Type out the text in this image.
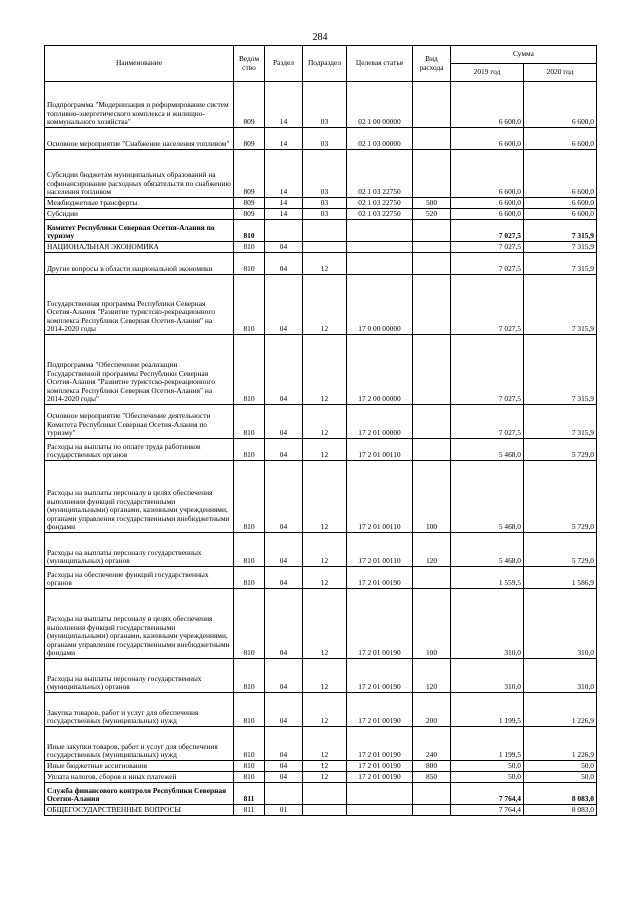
284
Наименование	Ведом ство	Раздел	Подраздел	Целевая статья	Вид расхода	Сумма	
						2019 год	2020 год
Подпрограмма "Модернизация и реформирование систем топливно-энергетического комплекса и жилищно-коммунального хозяйства"	809	14	03	02 1 00 00000		6 600,0	6 600,0
Основное мероприятие "Снабжение населения топливом"	809	14	03	02 1 03 00000		6 600,0	6 600,0
Субсидии бюджетам муниципальных образований на софинансирование расходных обязательств по снабжению населения топливом	809	14	03	02 1 03 22750		6 600,0	6 600,0
Межбюджетные трансферты	809	14	03	02 1 03 22750	500	6 600,0	6 600,0
Субсидии	809	14	03	02 1 03 22750	520	6 600,0	6 600,0
Комитет Республики Северная Осетия-Алания по туризму	810					7 027,5	7 315,9
НАЦИОНАЛЬНАЯ ЭКОНОМИКА	810	04				7 027,5	7 315,9
Другие вопросы в области национальной экономики	810	04	12			7 027,5	7 315,9
Государственная программа Республики Северная Осетия-Алания "Развитие туристско-рекреационного комплекса Республики Северная Осетия-Алания" на 2014-2020 годы	810	04	12	17 0 00 00000		7 027,5	7 315,9
Подпрограмма "Обеспечение реализации Государственной программы Республики Северная Осетия-Алания "Развитие туристско-рекреационного комплекса Республики Северная Осетия-Алания" на 2014-2020 годы"	810	04	12	17 2 00 00000		7 027,5	7 315,9
Основное мероприятие "Обеспечение деятельности Комитета Республики Северная Осетия-Алания по туризму"	810	04	12	17 2 01 00000		7 027,5	7 315,9
Расходы на выплаты по оплате труда работников государственных органов	810	04	12	17 2 01 00110		5 468,0	5 729,0
Расходы на выплаты персоналу в целях обеспечения выполнения функций государственными (муниципальными) органами, казенными учреждениями, органами управления государственными внебюджетными фондами	810	04	12	17 2 01 00110	100	5 468,0	5 729,0
Расходы на выплаты персоналу государственных (муниципальных) органов	810	04	12	17 2 01 00110	120	5 468,0	5 729,0
Расходы на обеспечение функций государственных органов	810	04	12	17 2 01 00190		1 559,5	1 586,9
Расходы на выплаты персоналу в целях обеспечения выполнения функций государственными (муниципальными) органами, казенными учреждениями, органами управления государственными внебюджетными фондами	810	04	12	17 2 01 00190	100	310,0	310,0
Расходы на выплаты персоналу государственных (муниципальных) органов	810	04	12	17 2 01 00190	120	310,0	310,0
Закупка товаров, работ и услуг для обеспечения государственных (муниципальных) нужд	810	04	12	17 2 01 00190	200	1 199,5	1 226,9
Иные закупки товаров, работ и услуг для обеспечения государственных (муниципальных) нужд	810	04	12	17 2 01 00190	240	1 199,5	1 226,9
Иные бюджетные ассигнования	810	04	12	17 2 01 00190	800	50,0	50,0
Уплата налогов, сборов и иных платежей	810	04	12	17 2 01 00190	850	50,0	50,0
Служба финансового контроля Республики Северная Осетия-Алания	811					7 764,4	8 083,0
ОБЩЕГОСУДАРСТВЕННЫЕ ВОПРОСЫ	811	01				7 764,4	8 083,0
